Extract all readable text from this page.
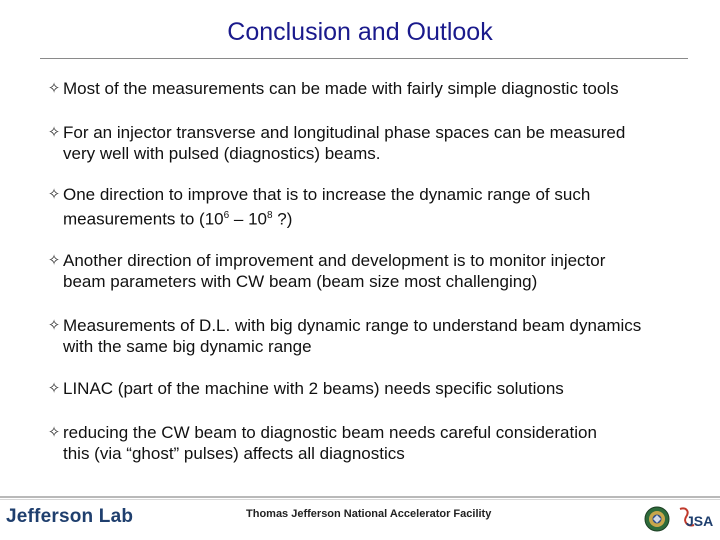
Conclusion and Outlook
✧ Most of the measurements can be made with fairly simple diagnostic tools
✧ For an injector transverse and longitudinal phase spaces can be measured
very well with pulsed (diagnostics) beams.
✧ One direction to improve that is to increase the dynamic range of such
measurements to ($10^6 - 10^8$ ?)
✧ Another direction of improvement and development is to monitor injector
beam parameters with CW beam (beam size most challenging)
✧ Measurements of D.L. with big dynamic range to understand beam dynamics
with the same big dynamic range
✧ LINAC (part of the machine with 2 beams) needs specific solutions
✧ reducing the CW beam to diagnostic beam needs careful consideration
this (via “ghost” pulses) affects all diagnostics
Jefferson Lab	Thomas Jefferson National Accelerator Facility	JSA
